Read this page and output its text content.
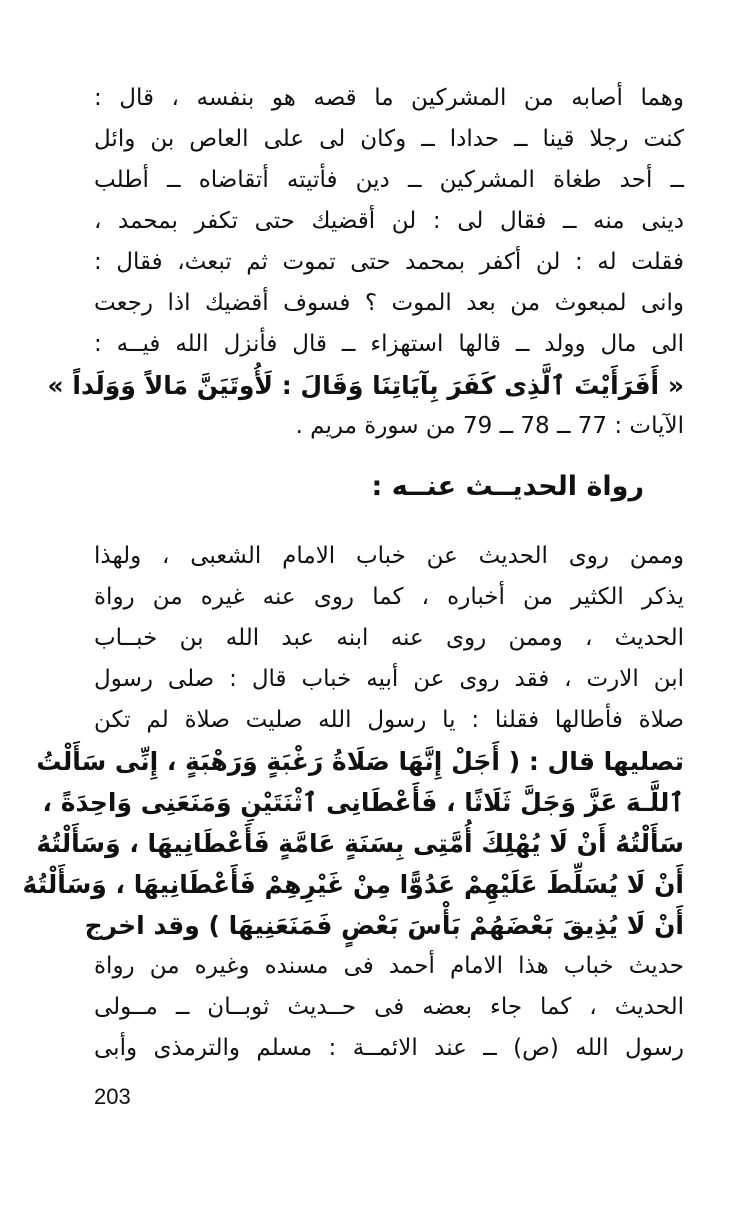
وهما أصابه من المشركين ما قصه هو بنفسه ، قال :
كنت رجلا قينا ــ حدادا ــ وكان لى على العاص بن وائل
ــ أحد طغاة المشركين ــ دين فأتيته أتقاضاه ــ أطلب
دينى منه ــ فقال لى : لن أقضيك حتى تكفر بمحمد ،
فقلت له : لن أكفر بمحمد حتى تموت ثم تبعث، فقال :
وانى لمبعوث من بعد الموت ؟ فسوف أقضيك اذا رجعت
الى مال وولد ــ قالها استهزاء ــ قال فأنزل الله فيــه :
« أَفَرَأَيْتَ ٱلَّذِى كَفَرَ بِآيَاتِنَا وَقَالَ : لَأُوتَيَنَّ مَالاً وَوَلَداً »
الآيات : 77 ــ 78 ــ 79 من سورة مريم .
رواة الحديــث عنــه :
وممن روى الحديث عن خباب الامام الشعبى ، ولهذا
يذكر الكثير من أخباره ، كما روى عنه غيره من رواة
الحديث ، وممن روى عنه ابنه عبد الله بن خبــاب
ابن الارت ، فقد روى عن أبيه خباب قال : صلى رسول
صلاة فأطالها فقلنا : يا رسول الله صليت صلاة لم تكن
تصليها قال : ( أَجَلْ إِنَّهَا صَلَاةُ رَغْبَةٍ وَرَهْبَةٍ ، إِنِّى سَأَلْتُ
ٱللَّـهَ عَزَّ وَجَلَّ ثَلَاثًا ، فَأَعْطَانِى ٱثْنَتَيْنِ وَمَنَعَنِى وَاحِدَةً ،
سَأَلْتُهُ أَنْ لَا يُهْلِكَ أُمَّتِى بِسَنَةٍ عَامَّةٍ فَأَعْطَانِيهَا ، وَسَأَلْتُهُ
أَنْ لَا يُسَلِّطَ عَلَيْهِمْ عَدُوًّا مِنْ غَيْرِهِمْ فَأَعْطَانِيهَا ، وَسَأَلْتُهُ
أَنْ لَا يُذِيقَ بَعْضَهُمْ بَأْسَ بَعْضٍ فَمَنَعَنِيهَا ) وقد اخرج
حديث خباب هذا الامام أحمد فى مسنده وغيره من رواة
الحديث ، كما جاء بعضه فى حــديث ثوبــان ــ مــولى
رسول الله (ص) ــ عند الائمــة : مسلم والترمذى وأبى
203
